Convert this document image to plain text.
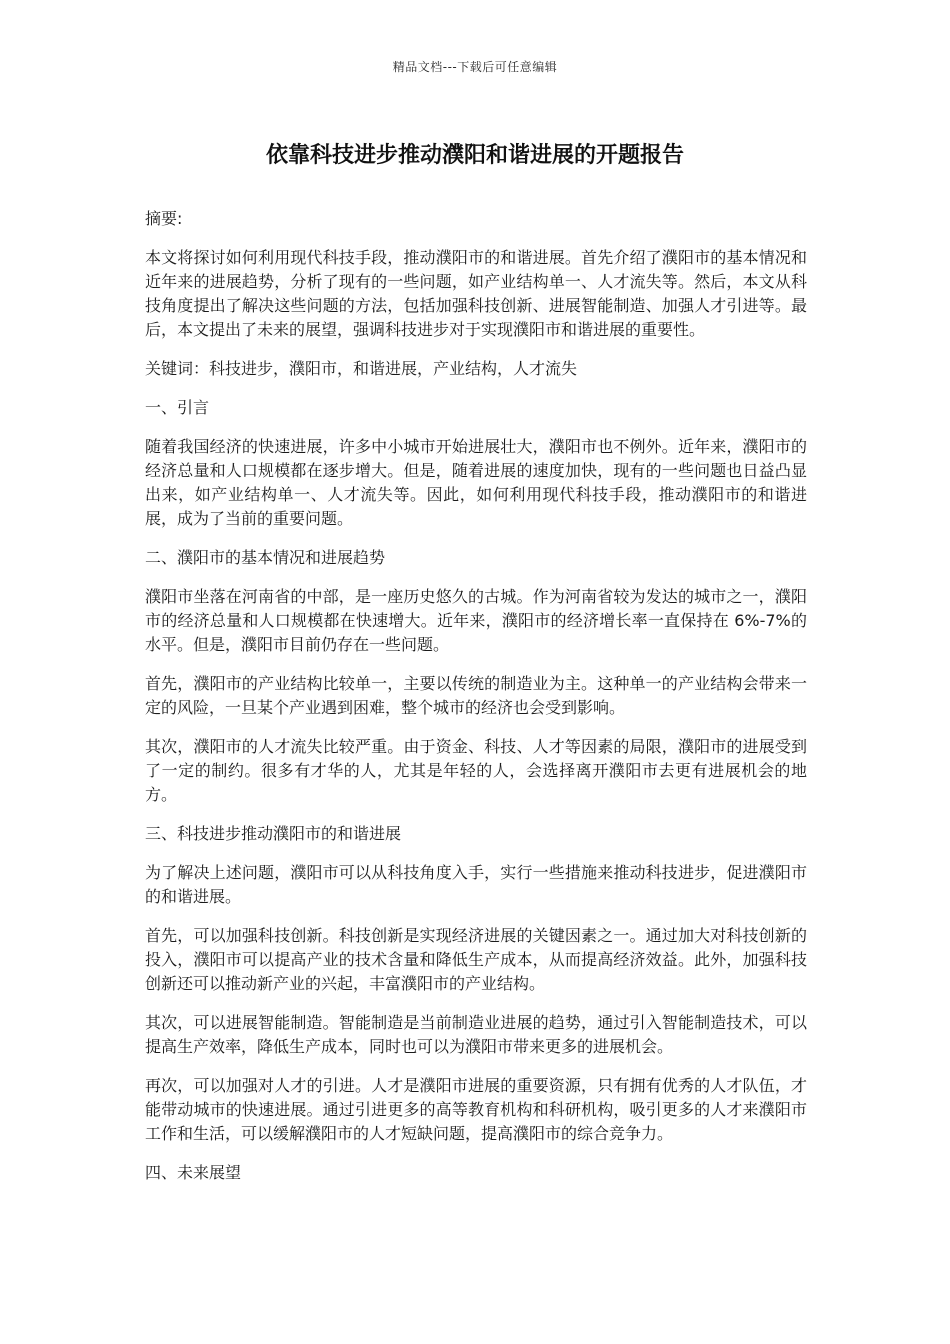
精品文档---下载后可任意编辑
依靠科技进步推动濮阳和谐进展的开题报告

摘要:

本文将探讨如何利用现代科技手段，推动濮阳市的和谐进展。首先介绍了濮阳市的基本情况和近年来的进展趋势，分析了现有的一些问题，如产业结构单一、人才流失等。然后，本文从科技角度提出了解决这些问题的方法，包括加强科技创新、进展智能制造、加强人才引进等。最后，本文提出了未来的展望，强调科技进步对于实现濮阳市和谐进展的重要性。

关键词：科技进步，濮阳市，和谐进展，产业结构，人才流失

一、引言

随着我国经济的快速进展，许多中小城市开始进展壮大，濮阳市也不例外。近年来，濮阳市的经济总量和人口规模都在逐步增大。但是，随着进展的速度加快，现有的一些问题也日益凸显出来，如产业结构单一、人才流失等。因此，如何利用现代科技手段，推动濮阳市的和谐进展，成为了当前的重要问题。

二、濮阳市的基本情况和进展趋势

濮阳市坐落在河南省的中部，是一座历史悠久的古城。作为河南省较为发达的城市之一，濮阳市的经济总量和人口规模都在快速增大。近年来，濮阳市的经济增长率一直保持在 6%-7%的水平。但是，濮阳市目前仍存在一些问题。

首先，濮阳市的产业结构比较单一，主要以传统的制造业为主。这种单一的产业结构会带来一定的风险，一旦某个产业遇到困难，整个城市的经济也会受到影响。

其次，濮阳市的人才流失比较严重。由于资金、科技、人才等因素的局限，濮阳市的进展受到了一定的制约。很多有才华的人，尤其是年轻的人，会选择离开濮阳市去更有进展机会的地方。

三、科技进步推动濮阳市的和谐进展

为了解决上述问题，濮阳市可以从科技角度入手，实行一些措施来推动科技进步，促进濮阳市的和谐进展。

首先，可以加强科技创新。科技创新是实现经济进展的关键因素之一。通过加大对科技创新的投入，濮阳市可以提高产业的技术含量和降低生产成本，从而提高经济效益。此外，加强科技创新还可以推动新产业的兴起，丰富濮阳市的产业结构。

其次，可以进展智能制造。智能制造是当前制造业进展的趋势，通过引入智能制造技术，可以提高生产效率，降低生产成本，同时也可以为濮阳市带来更多的进展机会。

再次，可以加强对人才的引进。人才是濮阳市进展的重要资源，只有拥有优秀的人才队伍，才能带动城市的快速进展。通过引进更多的高等教育机构和科研机构，吸引更多的人才来濮阳市工作和生活，可以缓解濮阳市的人才短缺问题，提高濮阳市的综合竞争力。

四、未来展望
